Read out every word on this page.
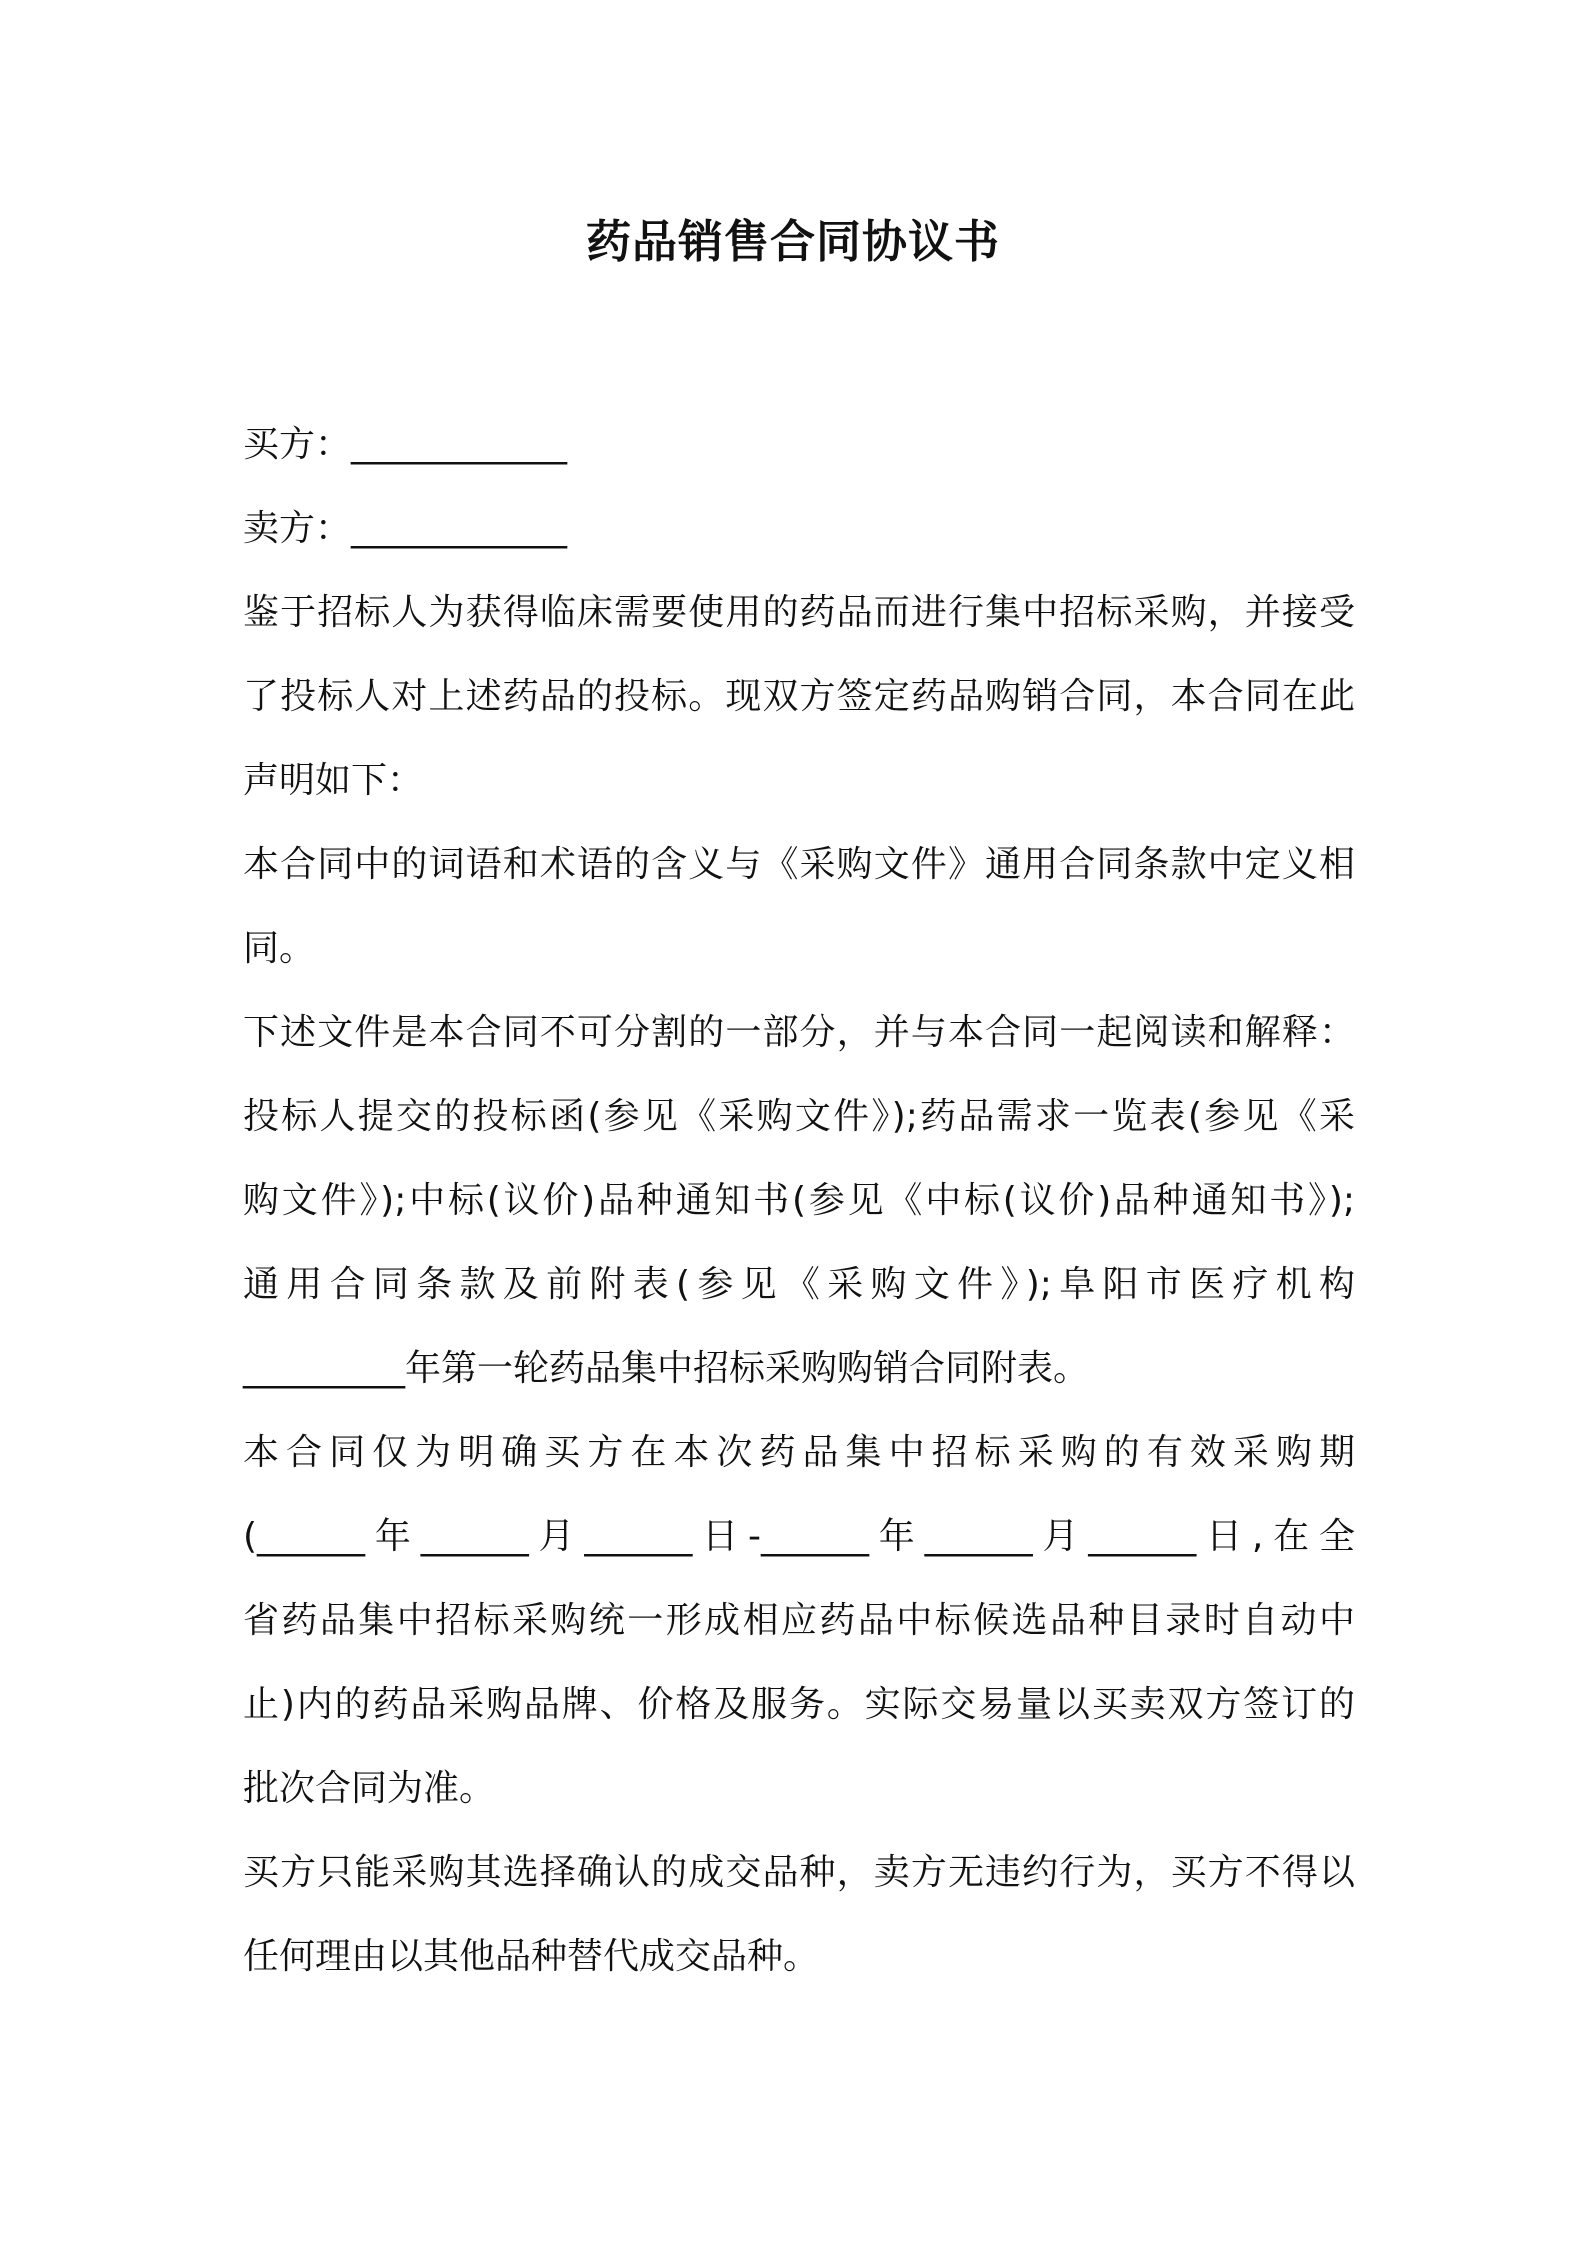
药品销售合同协议书
买方：____________
卖方：____________
鉴于招标人为获得临床需要使用的药品而进行集中招标采购，并接受
了投标人对上述药品的投标。现双方签定药品购销合同，本合同在此
声明如下：
本合同中的词语和术语的含义与《采购文件》通用合同条款中定义相
同。
下述文件是本合同不可分割的一部分，并与本合同一起阅读和解释：
投标人提交的投标函(参见《采购文件》);药品需求一览表(参见《采
购文件》);中标(议价)品种通知书(参见《中标(议价)品种通知书》);
通用合同条款及前附表(参见《采购文件》);阜阳市医疗机构
_________年第一轮药品集中招标采购购销合同附表。
本合同仅为明确买方在本次药品集中招标采购的有效采购期
(______年______月______日-______年______月______日,在全
省药品集中招标采购统一形成相应药品中标候选品种目录时自动中
止)内的药品采购品牌、价格及服务。实际交易量以买卖双方签订的
批次合同为准。
买方只能采购其选择确认的成交品种，卖方无违约行为，买方不得以
任何理由以其他品种替代成交品种。
